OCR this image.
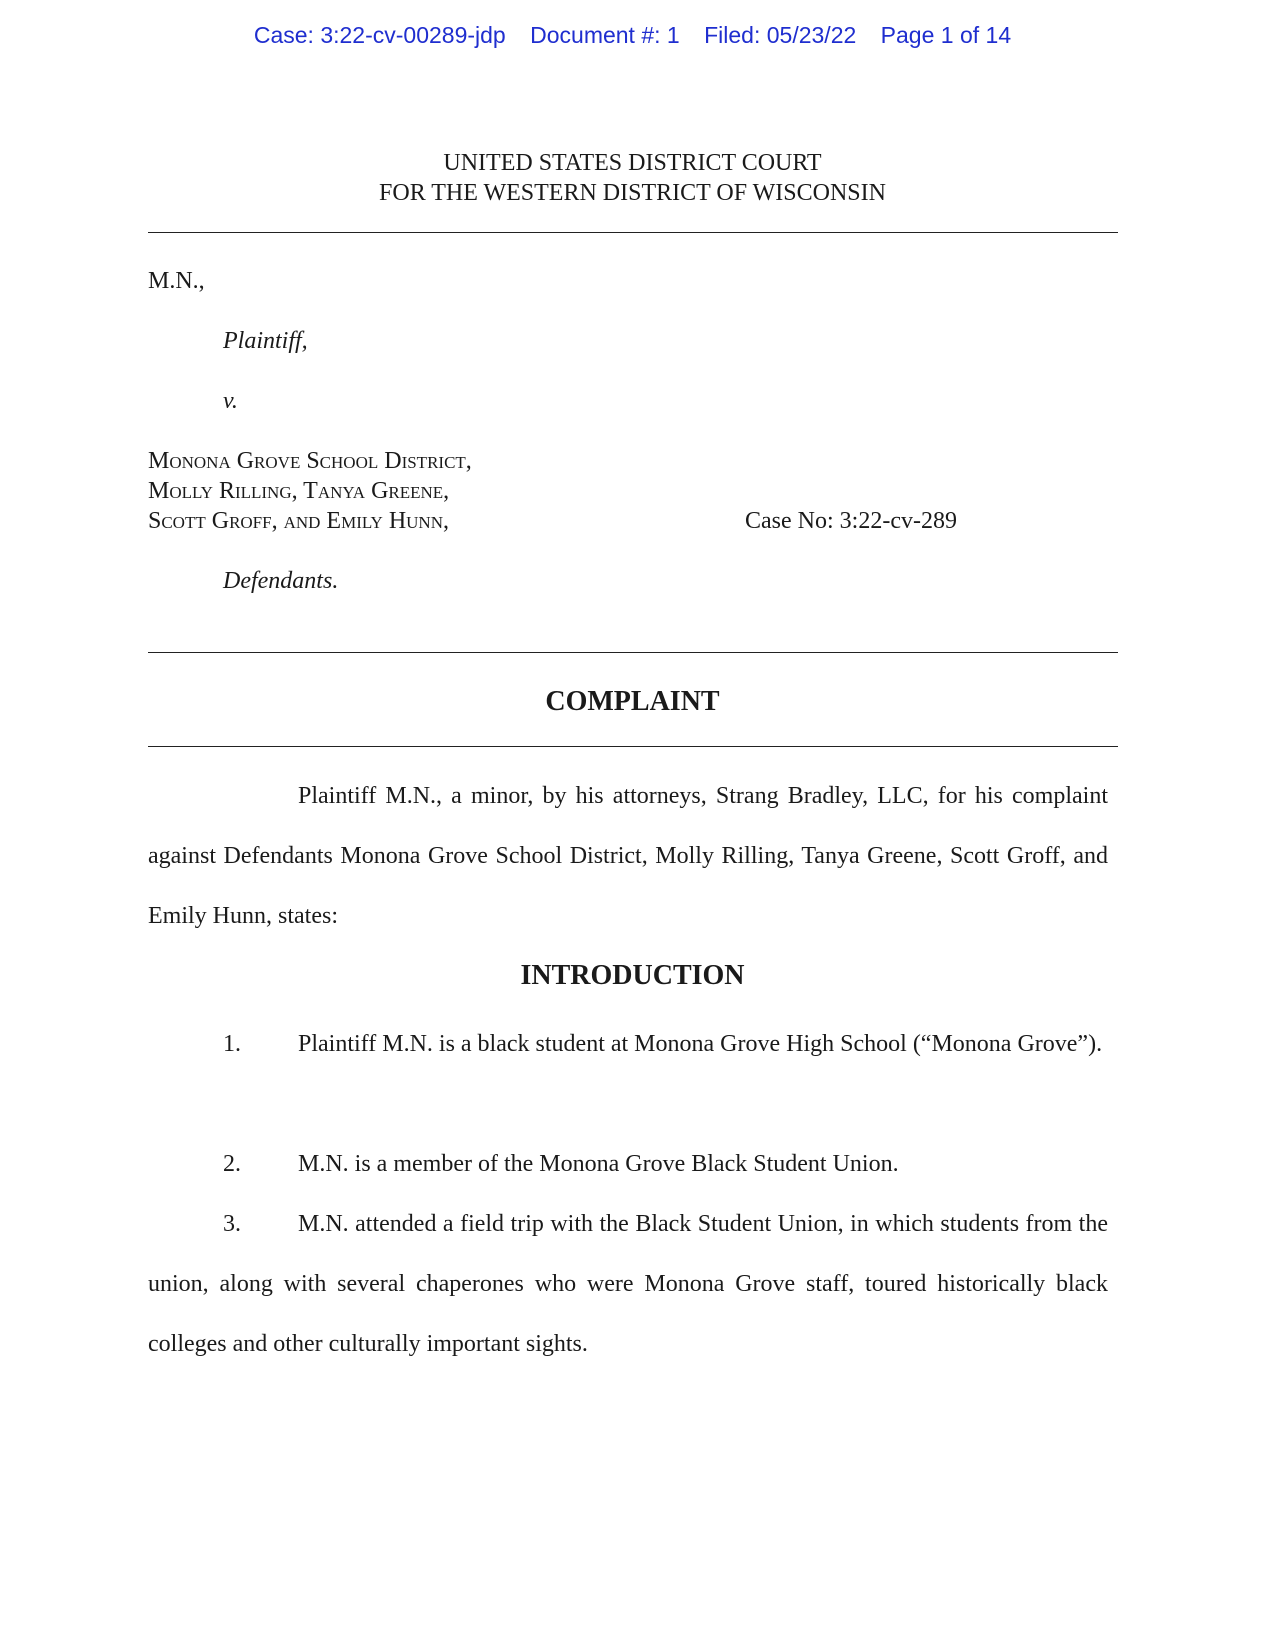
Case: 3:22-cv-00289-jdp Document #: 1 Filed: 05/23/22 Page 1 of 14
UNITED STATES DISTRICT COURT
FOR THE WESTERN DISTRICT OF WISCONSIN
M.N.,
Plaintiff,
v.
Monona Grove School District,
Molly Rilling, Tanya Greene,
Scott Groff, and Emily Hunn,	Case No: 3:22-cv-289
Defendants.
COMPLAINT
Plaintiff M.N., a minor, by his attorneys, Strang Bradley, LLC, for his complaint against Defendants Monona Grove School District, Molly Rilling, Tanya Greene, Scott Groff, and Emily Hunn, states:
INTRODUCTION
1. Plaintiff M.N. is a black student at Monona Grove High School (“Monona Grove”).
2. M.N. is a member of the Monona Grove Black Student Union.
3. M.N. attended a field trip with the Black Student Union, in which students from the union, along with several chaperones who were Monona Grove staff, toured historically black colleges and other culturally important sights.
